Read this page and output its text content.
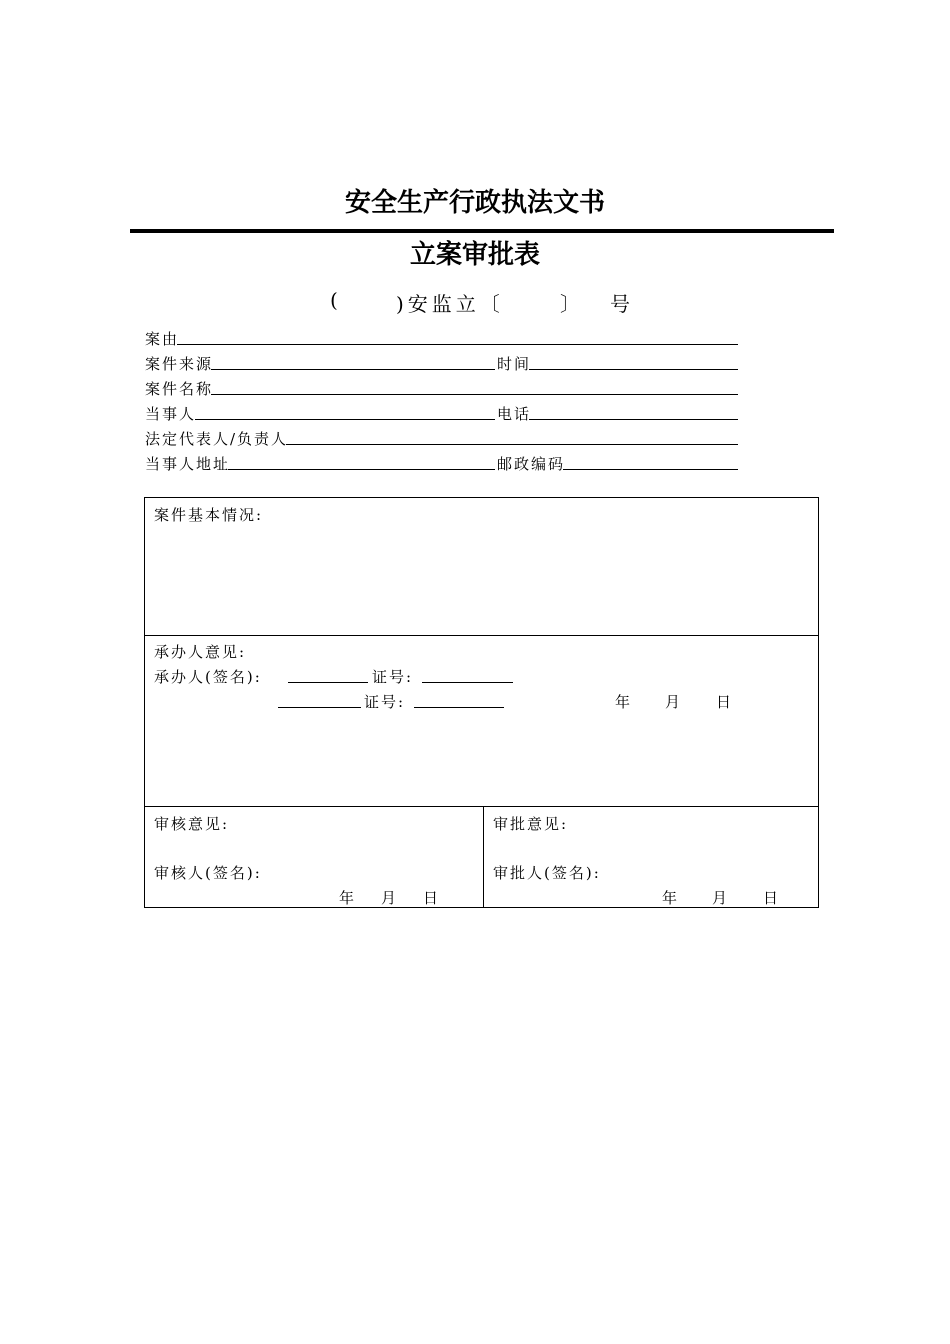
安全生产行政执法文书
立案审批表
(	)安监立〔	〕 号
案由
案件来源	时间
案件名称
当事人	电话
法定代表人/负责人
当事人地址	邮政编码
案件基本情况:
承办人意见:
承办人(签名):	证号:
证号:	年 月 日
审核意见:
审核人(签名):
年 月 日
审批意见:
审批人(签名):
年 月 日
